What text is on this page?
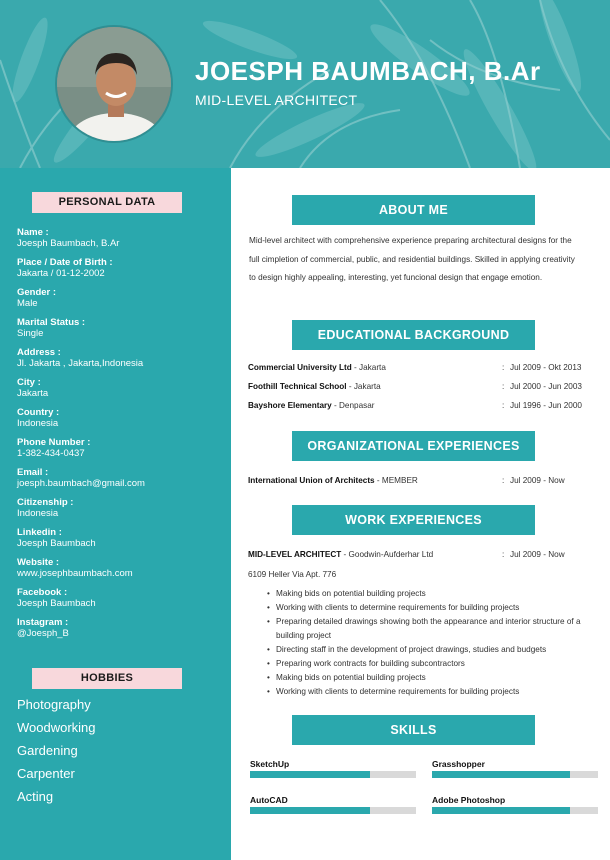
JOESPH BAUMBACH, B.Ar
MID-LEVEL ARCHITECT
PERSONAL DATA
Name :
Joesph Baumbach, B.Ar
Place / Date of Birth :
Jakarta / 01-12-2002
Gender :
Male
Marital Status :
Single
Address :
Jl. Jakarta , Jakarta,Indonesia
City :
Jakarta
Country :
Indonesia
Phone Number :
1-382-434-0437
Email :
joesph.baumbach@gmail.com
Citizenship :
Indonesia
Linkedin :
Joesph Baumbach
Website :
www.josephbaumbach.com
Facebook :
Joesph Baumbach
Instagram :
@Joesph_B
HOBBIES
Photography
Woodworking
Gardening
Carpenter
Acting
ABOUT ME
Mid-level architect with comprehensive experience preparing architectural designs for the full cimpletion of commercial, public, and residential buildings. Skilled in applying creativity to design highly appealing, interesting, yet funcional design that engage emotion.
EDUCATIONAL BACKGROUND
Commercial University Ltd - Jakarta	: Jul 2009 - Okt 2013
Foothill Technical School - Jakarta	: Jul 2000 - Jun 2003
Bayshore Elementary - Denpasar	: Jul 1996 - Jun 2000
ORGANIZATIONAL EXPERIENCES
International Union of Architects - MEMBER	: Jul 2009 - Now
WORK EXPERIENCES
MID-LEVEL ARCHITECT - Goodwin-Aufderhar Ltd	: Jul 2009 - Now
6109 Heller Via Apt. 776
• Making bids on potential building projects
• Working with clients to determine requirements for building projects
• Preparing detailed drawings showing both the appearance and interior structure of a building project
• Directing staff in the development of project drawings, studies and budgets
• Preparing work contracts for building subcontractors
• Making bids on potential building projects
• Working with clients to determine requirements for building projects
SKILLS
SketchUp	Grasshopper
AutoCAD	Adobe Photoshop
